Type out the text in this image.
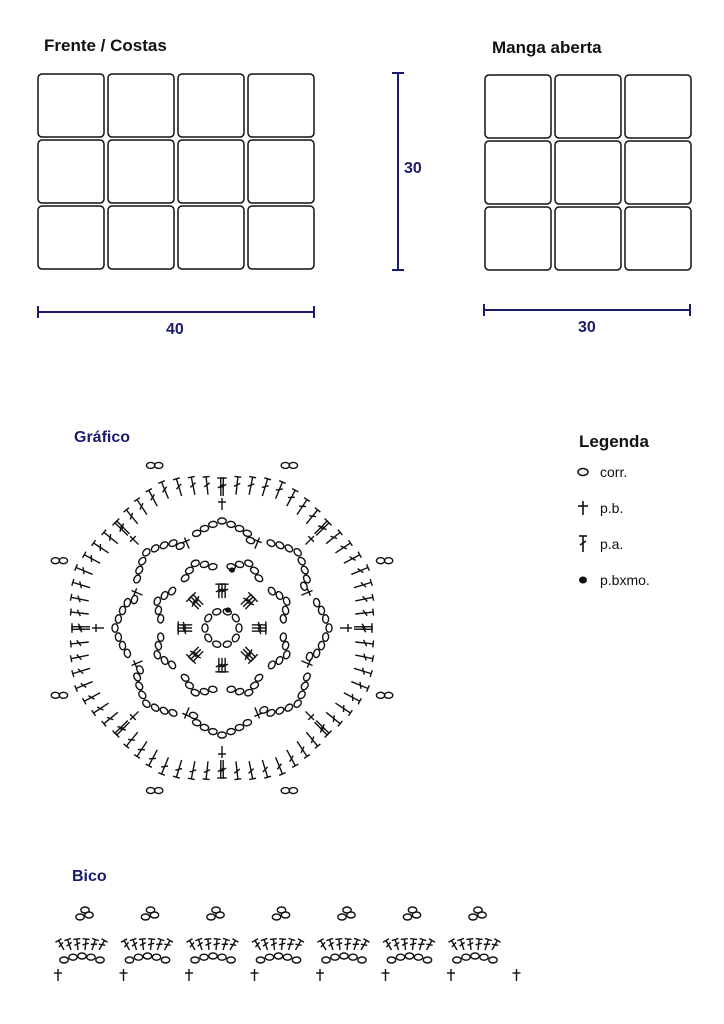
Frente / Costas	Manga aberta
30
40	30
Gráfico
Bico
Legenda
corr.
p.b.
p.a.
p.bxmo.
